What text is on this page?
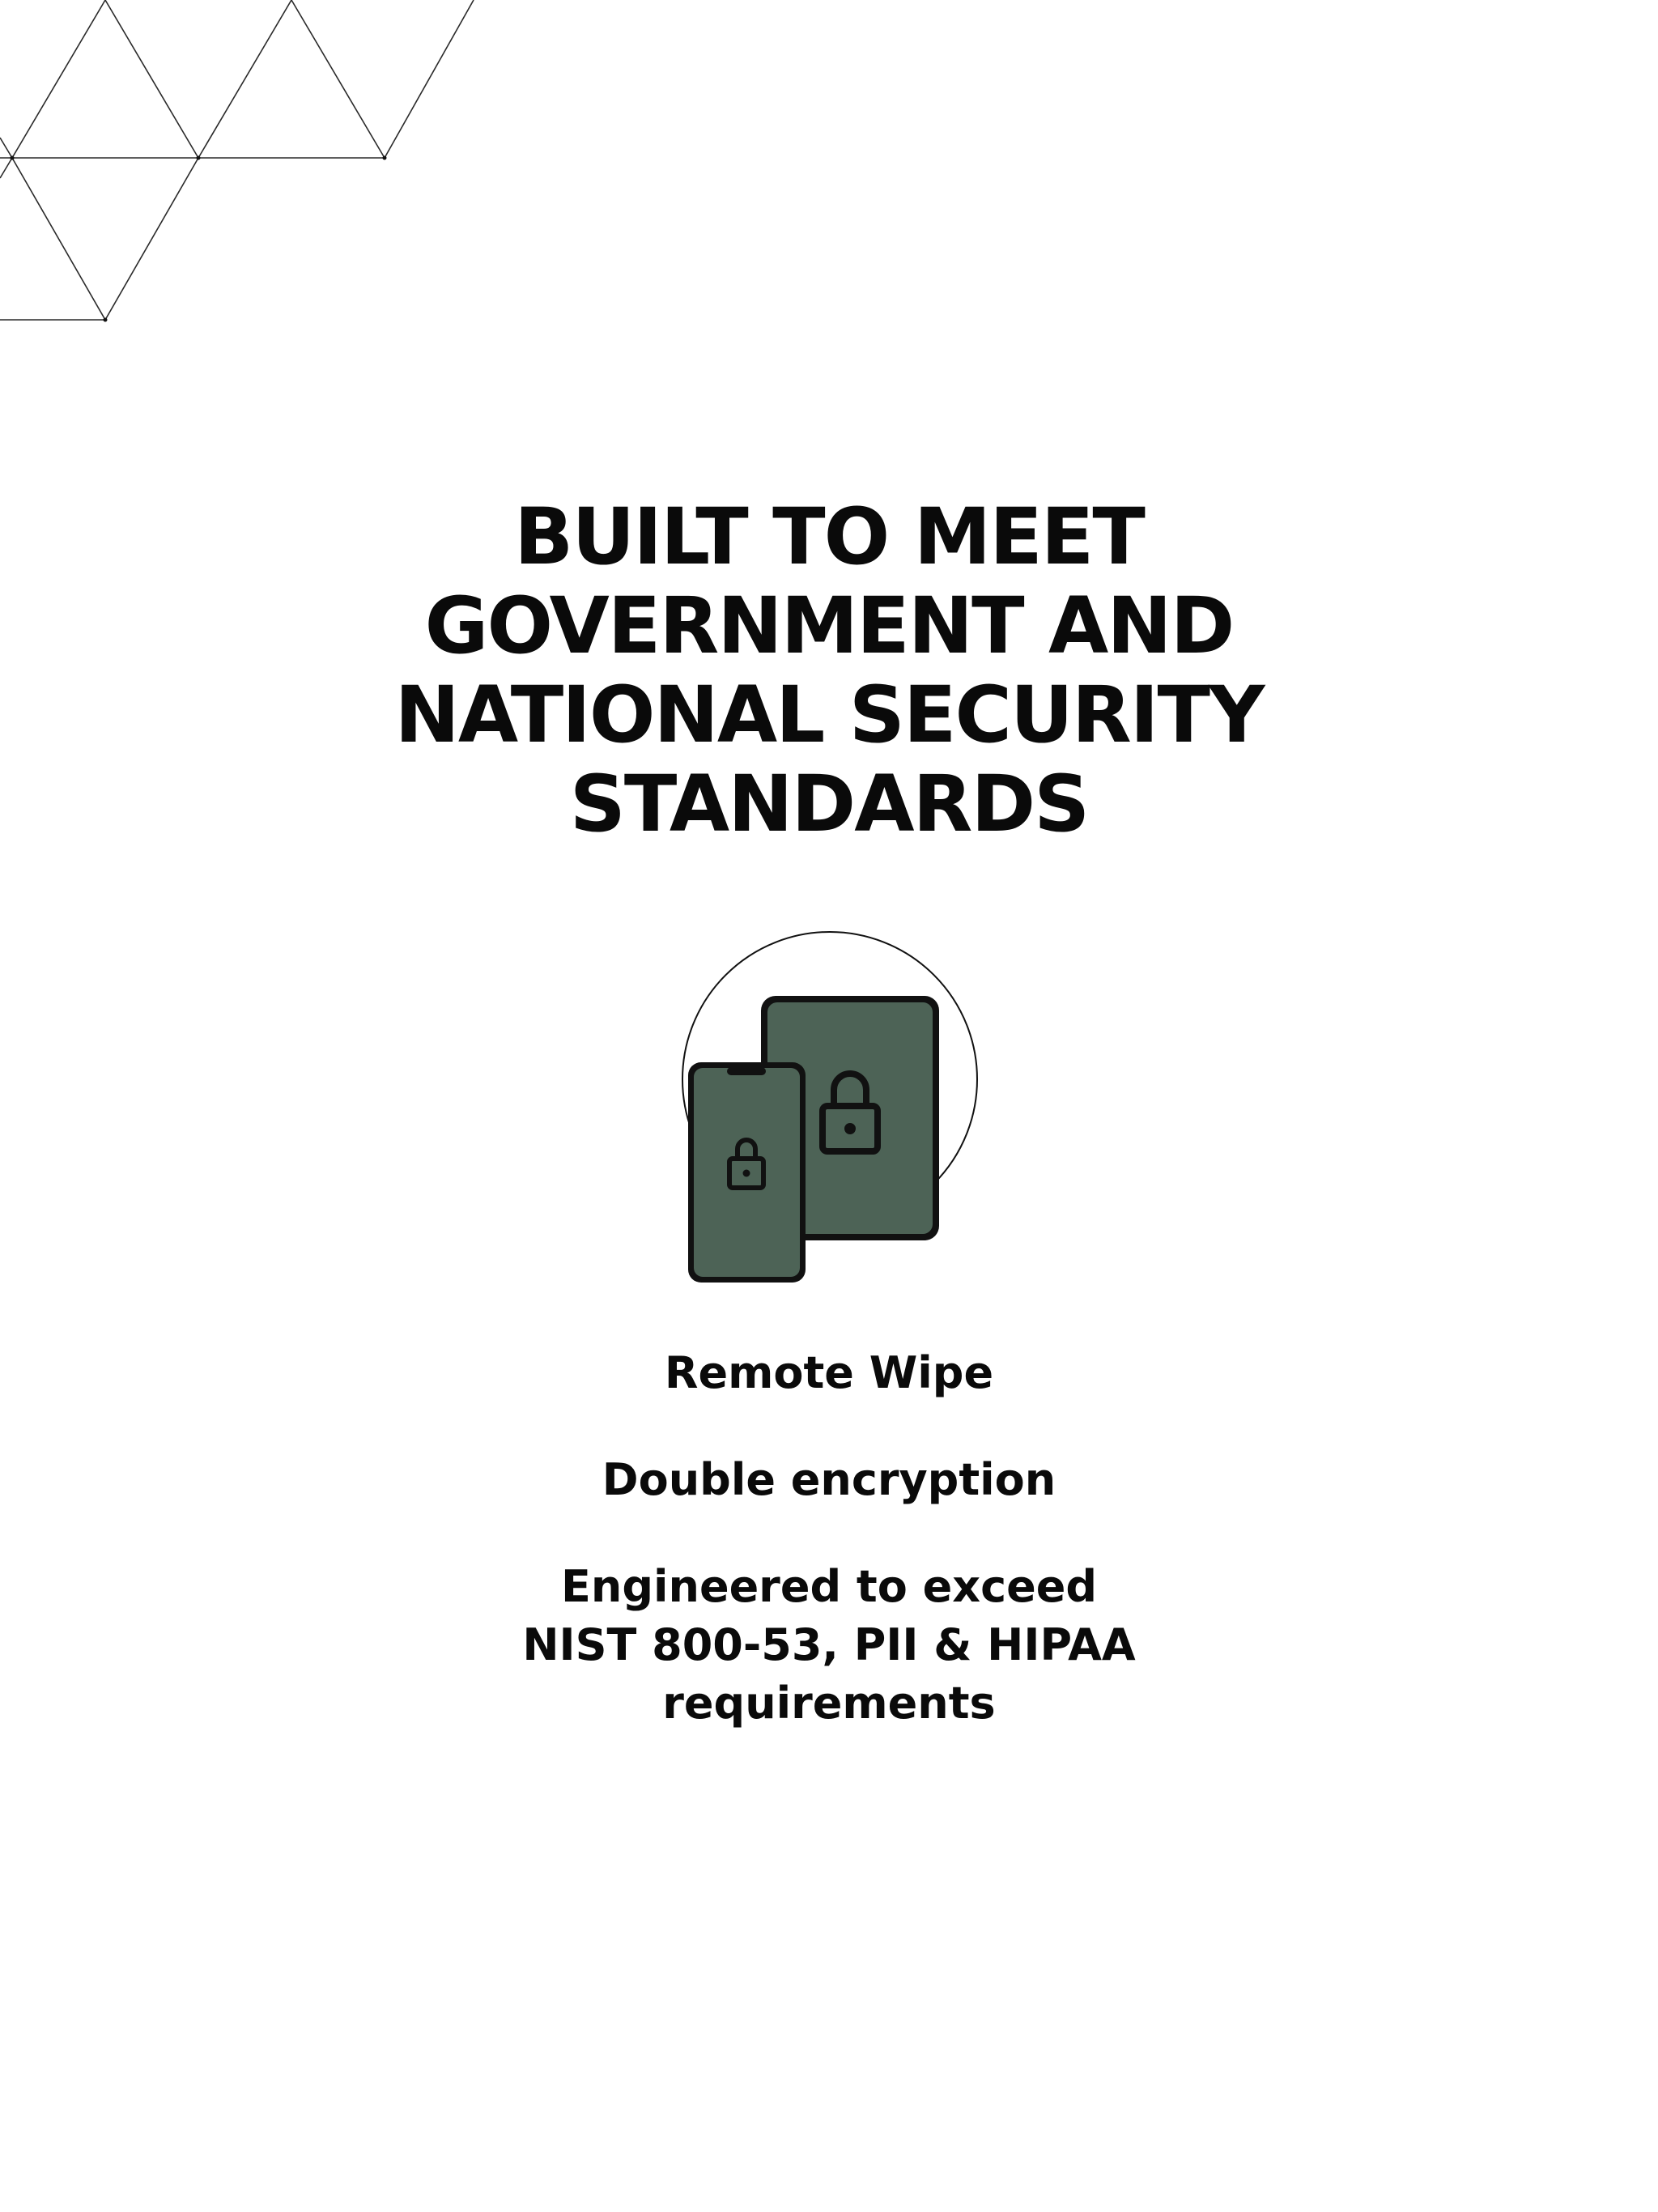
BUILT TO MEET
GOVERNMENT AND
NATIONAL SECURITY
STANDARDS
Remote Wipe
Double encryption
Engineered to exceed NIST 800-53, PII & HIPAA requirements
